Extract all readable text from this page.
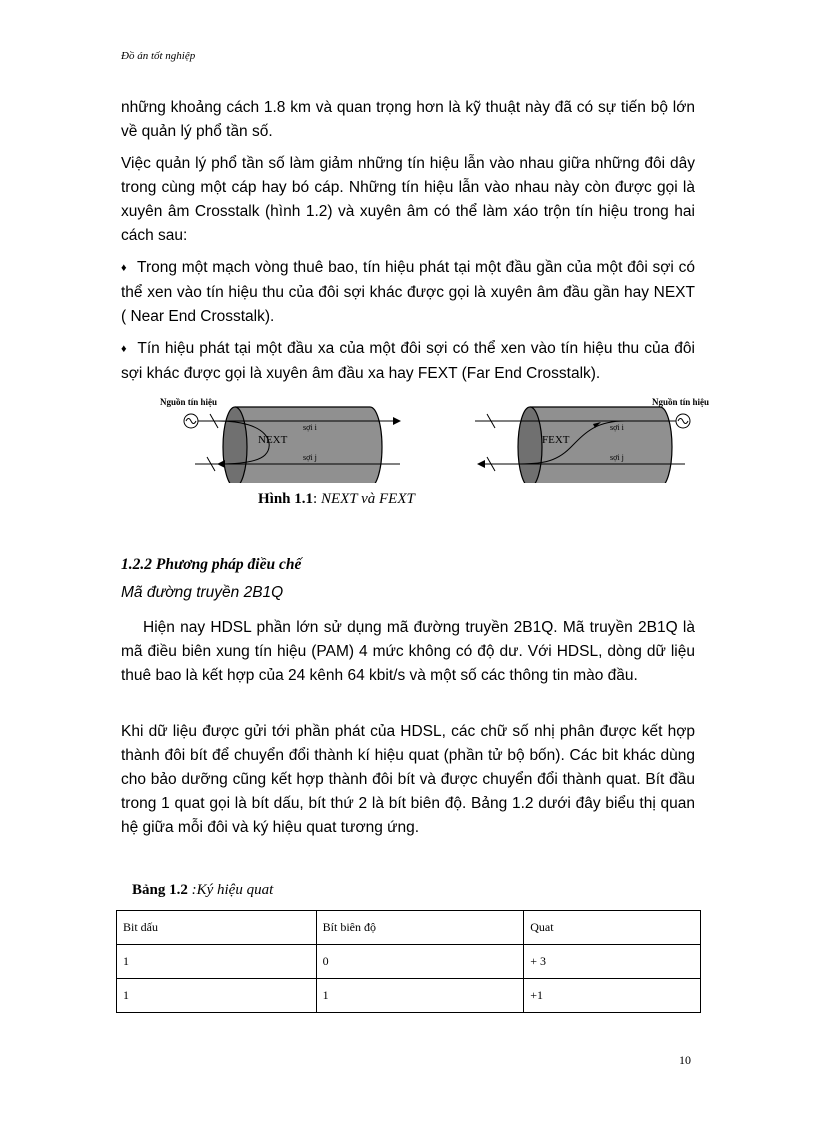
Đồ án tốt nghiệp
những khoảng cách 1.8 km và quan trọng hơn là kỹ thuật này đã có sự tiến bộ lớn về quản lý phổ tần số.
Việc quản lý phổ tần số làm giảm những tín hiệu lẫn vào nhau giữa những đôi dây trong cùng một cáp hay bó cáp. Những tín hiệu lẫn vào nhau này còn được gọi là xuyên âm Crosstalk (hình 1.2) và xuyên âm có thể làm xáo trộn tín hiệu trong hai cách sau:
♦ Trong một mạch vòng thuê bao, tín hiệu phát tại một đầu gần của một đôi sợi có thể xen vào tín hiệu thu của đôi sợi khác được gọi là xuyên âm đầu gần hay NEXT ( Near End Crosstalk).
♦ Tín hiệu phát tại một đầu xa của một đôi sợi có thể xen vào tín hiệu thu của đôi sợi khác được gọi là xuyên âm đầu xa hay FEXT (Far End Crosstalk).
Nguồn tín hiệu
NEXT
sợi i
sợi j
Nguồn tín hiệu
FEXT
sợi i
sợi j
Hình 1.1: NEXT và FEXT
1.2.2 Phương pháp điều chế
Mã đường truyền 2B1Q
Hiện nay HDSL phần lớn sử dụng mã đường truyền 2B1Q. Mã truyền 2B1Q là mã điều biên xung tín hiệu (PAM) 4 mức không có độ dư. Với HDSL, dòng dữ liệu thuê bao là kết hợp của 24 kênh 64 kbit/s và một số các thông tin mào đầu.
Khi dữ liệu được gửi tới phần phát của HDSL, các chữ số nhị phân được kết hợp thành đôi bít để chuyển đổi thành kí hiệu quat (phần tử bộ bốn). Các bit khác dùng cho bảo dưỡng cũng kết hợp thành đôi bít và được chuyển đổi thành quat. Bít đầu trong 1 quat gọi là bít dấu, bít thứ 2 là bít biên độ. Bảng 1.2 dưới đây biểu thị quan hệ giữa mỗi đôi và ký hiệu quat tương ứng.
Bảng 1.2 :Ký hiệu quat
Bit dấu	Bít biên độ	Quat
1	0	+ 3
1	1	+1
10
